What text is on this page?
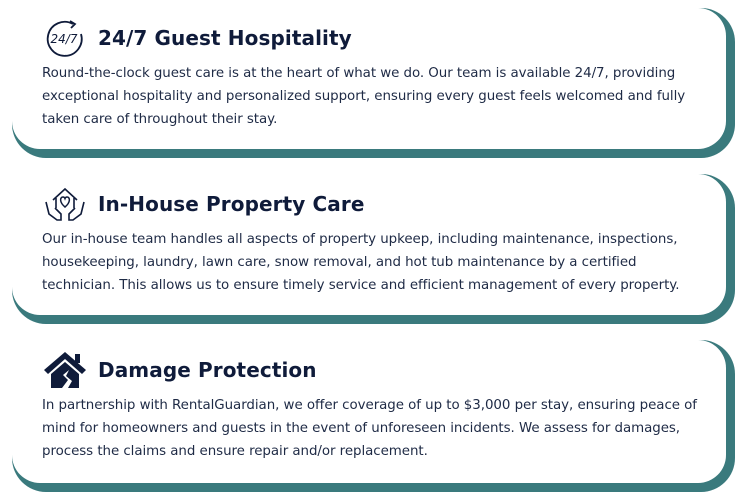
24/7 24/7 Guest Hospitality
Round-the-clock guest care is at the heart of what we do. Our team is available 24/7, providing exceptional hospitality and personalized support, ensuring every guest feels welcomed and fully taken care of throughout their stay.
In-House Property Care
Our in-house team handles all aspects of property upkeep, including maintenance, inspections, housekeeping, laundry, lawn care, snow removal, and hot tub maintenance by a certified technician. This allows us to ensure timely service and efficient management of every property.
Damage Protection
In partnership with RentalGuardian, we offer coverage of up to $3,000 per stay, ensuring peace of mind for homeowners and guests in the event of unforeseen incidents. We assess for damages, process the claims and ensure repair and/or replacement.
